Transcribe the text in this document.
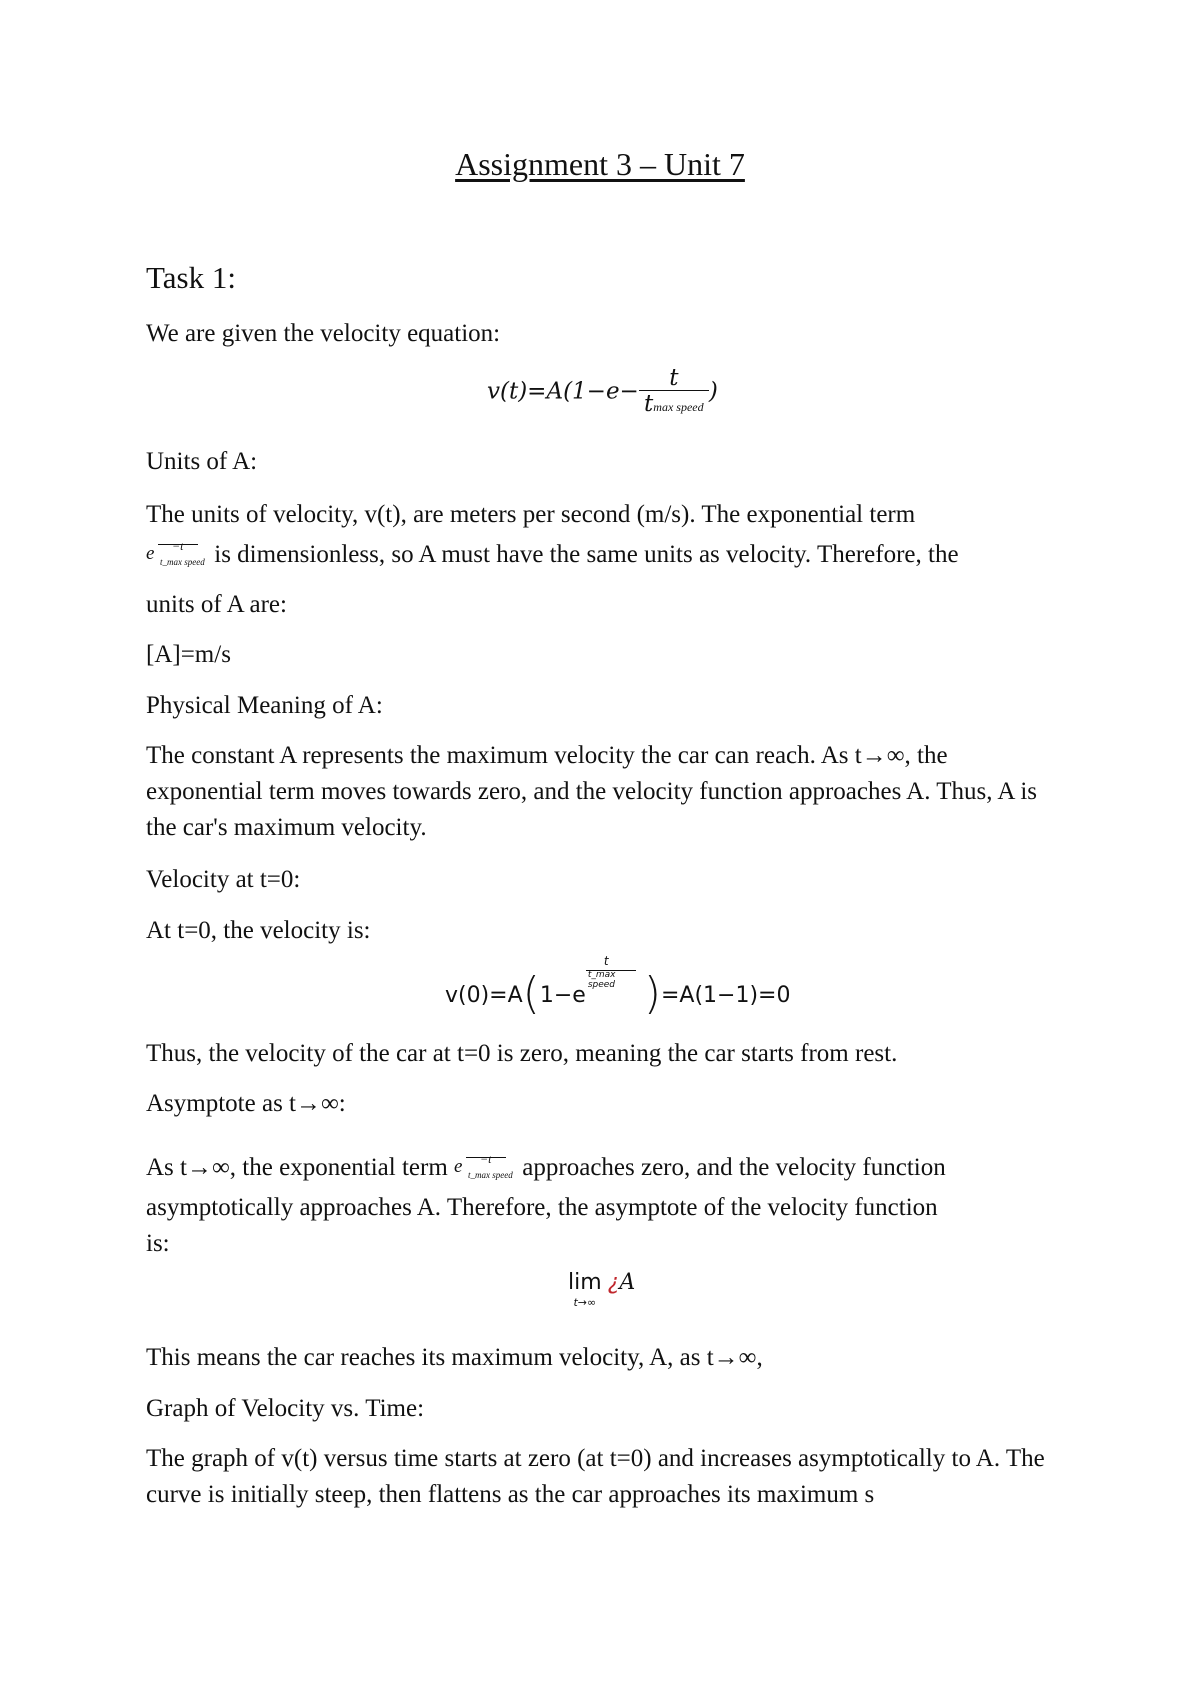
Assignment 3 – Unit 7
Task 1:
We are given the velocity equation:
$v(t)=A(1-e- \frac{t}{\text{tmax speed}}$ )
Units of A:
The units of velocity, v(t), are meters per second (m/s). The exponential term
e −t
t_max speed is dimensionless, so A must have the same units as velocity. Therefore, the
units of A are:
[A]=m/s
Physical Meaning of A:
The constant A represents the maximum velocity the car can reach. As t→∞, the exponential term moves towards zero, and the velocity function approaches A. Thus, A is the car's maximum velocity.
Velocity at t=0:
At t=0, the velocity is:
v(0)=A(1−e
t
t_max speed )=A(1−1)=0
Thus, the velocity of the car at t=0 is zero, meaning the car starts from rest.
Asymptote as t→∞:
As t→∞, the exponential term e −t
t_max speed approaches zero, and the velocity function
asymptotically approaches A. Therefore, the asymptote of the velocity function
is:
lim
t→∞
¿A
This means the car reaches its maximum velocity, A, as t→∞,
Graph of Velocity vs. Time:
The graph of v(t) versus time starts at zero (at t=0) and increases asymptotically to A. The curve is initially steep, then flattens as the car approaches its maximum s
